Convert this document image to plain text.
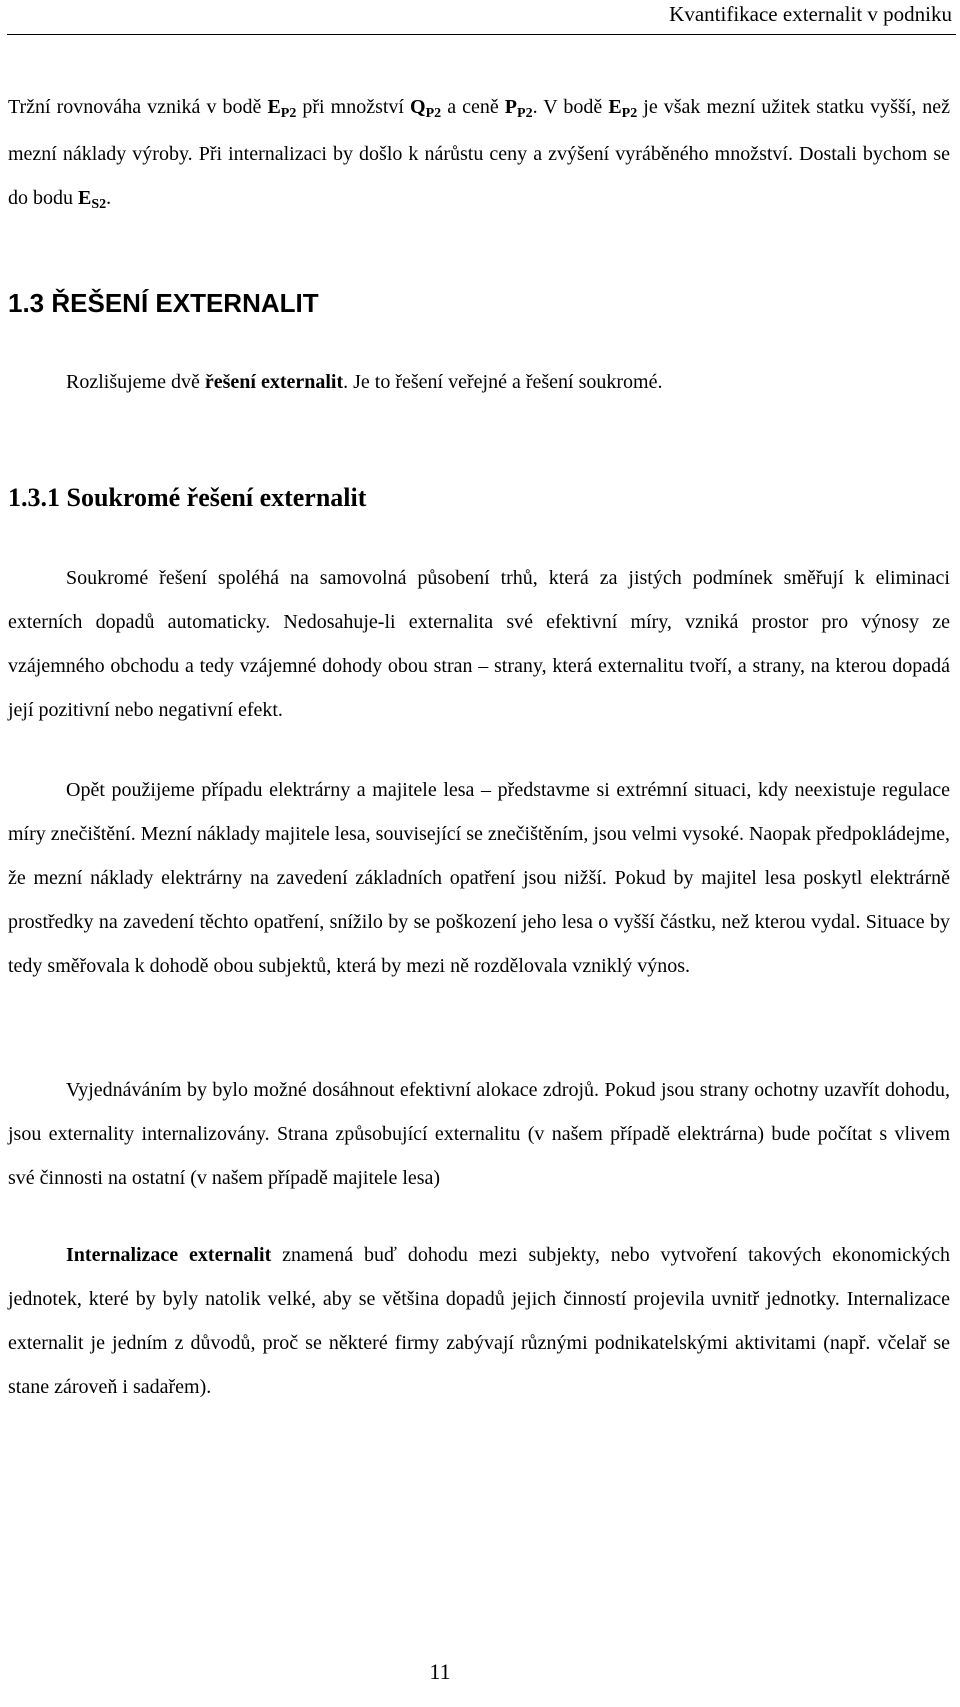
Kvantifikace externalit v podniku
Tržní rovnováha vzniká v bodě $E_{P2}$ při množství $Q_{P2}$ a ceně $P_{P2}$. V bodě $E_{P2}$ je však mezní užitek statku vyšší, než mezní náklady výroby. Při internalizaci by došlo k nárůstu ceny a zvýšení vyráběného množství. Dostali bychom se do bodu $E_{S2}$.
1.3 ŘEŠENÍ EXTERNALIT
Rozlišujeme dvě řešení externalit. Je to řešení veřejné a řešení soukromé.
1.3.1 Soukromé řešení externalit
Soukromé řešení spoléhá na samovolná působení trhů, která za jistých podmínek směřují k eliminaci externích dopadů automaticky. Nedosahuje-li externalita své efektivní míry, vzniká prostor pro výnosy ze vzájemného obchodu a tedy vzájemné dohody obou stran – strany, která externalitu tvoří, a strany, na kterou dopadá její pozitivní nebo negativní efekt.
Opět použijeme případu elektrárny a majitele lesa – představme si extrémní situaci, kdy neexistuje regulace míry znečištění. Mezní náklady majitele lesa, související se znečištěním, jsou velmi vysoké. Naopak předpokládejme, že mezní náklady elektrárny na zavedení základních opatření jsou nižší. Pokud by majitel lesa poskytl elektrárně prostředky na zavedení těchto opatření, snížilo by se poškození jeho lesa o vyšší částku, než kterou vydal. Situace by tedy směřovala k dohodě obou subjektů, která by mezi ně rozdělovala vzniklý výnos.
Vyjednáváním by bylo možné dosáhnout efektivní alokace zdrojů. Pokud jsou strany ochotny uzavřít dohodu, jsou externality internalizovány. Strana způsobující externalitu (v našem případě elektrárna) bude počítat s vlivem své činnosti na ostatní (v našem případě majitele lesa)
Internalizace externalit znamená buď dohodu mezi subjekty, nebo vytvoření takových ekonomických jednotek, které by byly natolik velké, aby se většina dopadů jejich činností projevila uvnitř jednotky. Internalizace externalit je jedním z důvodů, proč se některé firmy zabývají různými podnikatelskými aktivitami (např. včelař se stane zároveň i sadařem).
11
